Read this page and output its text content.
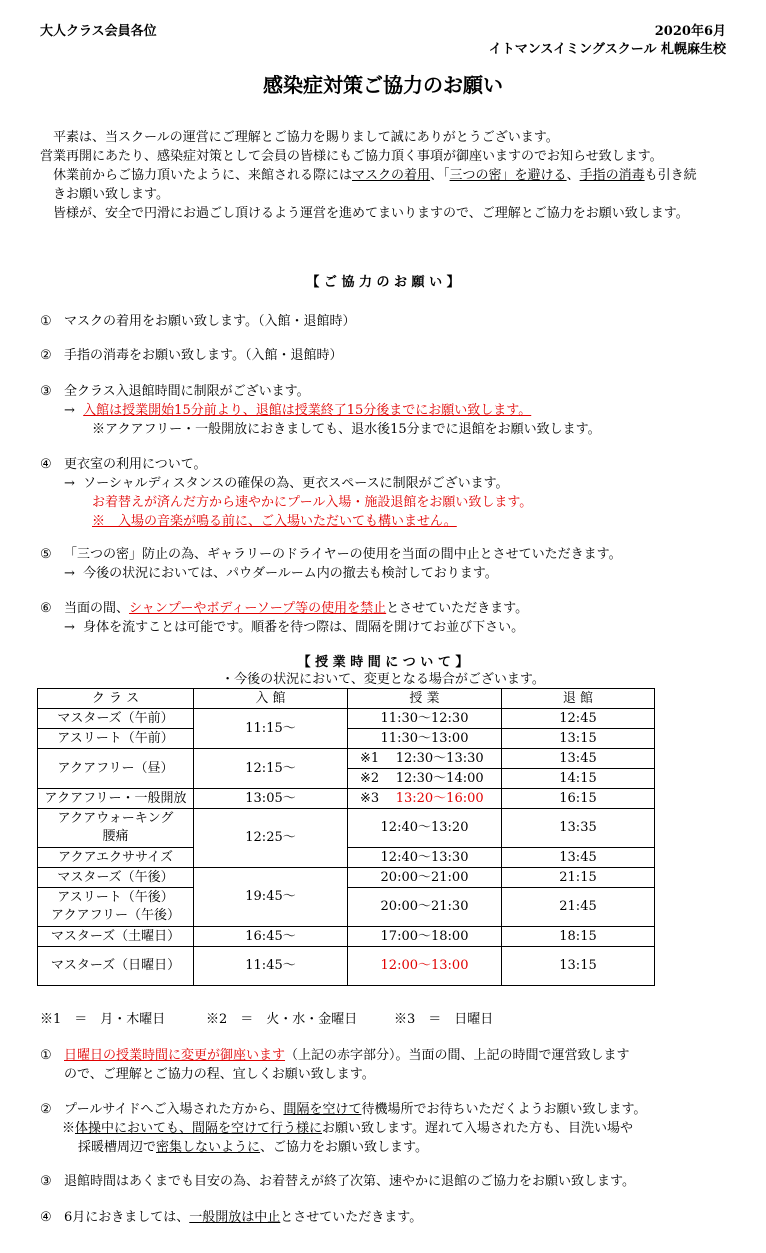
大人クラス会員各位	2020年6月
イトマンスイミングスクール 札幌麻生校
感染症対策ご協力のお願い
平素は、当スクールの運営にご理解とご協力を賜りまして誠にありがとうございます。
営業再開にあたり、感染症対策として会員の皆様にもご協力頂く事項が御座いますのでお知らせ致します。
休業前からご協力頂いたように、来館される際にはマスクの着用、「三つの密」を避ける、手指の消毒も引き続きお願い致します。
皆様が、安全で円滑にお過ごし頂けるよう運営を進めてまいりますので、ご理解とご協力をお願い致します。
【 ご 協 力 の お 願 い 】
① マスクの着用をお願い致します。（入館・退館時）
② 手指の消毒をお願い致します。（入館・退館時）
③ 全クラス入退館時間に制限がございます。
→ 入館は授業開始15分前より、退館は授業終了15分後までにお願い致します。
※アクアフリー・一般開放におきましても、退水後15分までに退館をお願い致します。
④ 更衣室の利用について。
→ ソーシャルディスタンスの確保の為、更衣スペースに制限がございます。
お着替えが済んだ方から速やかにプール入場・施設退館をお願い致します。
※　入場の音楽が鳴る前に、ご入場いただいても構いません。
⑤ 「三つの密」防止の為、ギャラリーのドライヤーの使用を当面の間中止とさせていただきます。
→ 今後の状況においては、パウダールーム内の撤去も検討しております。
⑥ 当面の間、シャンプーやボディーソープ等の使用を禁止とさせていただきます。
→ 身体を流すことは可能です。順番を待つ際は、間隔を開けてお並び下さい。
【 授 業 時 間 に つ い て 】
・今後の状況において、変更となる場合がございます。
ク ラ ス	入 館	授 業	退 館
マスターズ（午前）	11:15～	11:30～12:30	12:45
アスリート（午前）		11:30～13:00	13:15
アクアフリー（昼）	12:15～	※1 12:30～13:30	13:45
		※2 12:30～14:00	14:15
アクアフリー・一般開放	13:05～	※3 13:20～16:00	16:15

アクアウォーキング
腰痛	12:25～	12:40～13:20	13:35
アクアエクササイズ		12:40～13:30	13:45
マスターズ（午後）	19:45～	20:00～21:00	21:15

アスリート（午後）
アクアフリー（午後）		20:00～21:30	21:45
マスターズ（土曜日）	16:45～	17:00～18:00	18:15
マスターズ（日曜日）	11:45～	12:00～13:00	13:15
※1　＝　月・木曜日	※2　＝　火・水・金曜日	※3　＝　日曜日
① 日曜日の授業時間に変更が御座います（上記の赤字部分）。当面の間、上記の時間で運営致します
ので、ご理解とご協力の程、宜しくお願い致します。
② プールサイドへご入場された方から、間隔を空けて待機場所でお待ちいただくようお願い致します。
※体操中においても、間隔を空けて行う様にお願い致します。遅れて入場された方も、目洗い場や
採暖槽周辺で密集しないように、ご協力をお願い致します。
③ 退館時間はあくまでも目安の為、お着替えが終了次第、速やかに退館のご協力をお願い致します。
④ 6月におきましては、一般開放は中止とさせていただきます。
